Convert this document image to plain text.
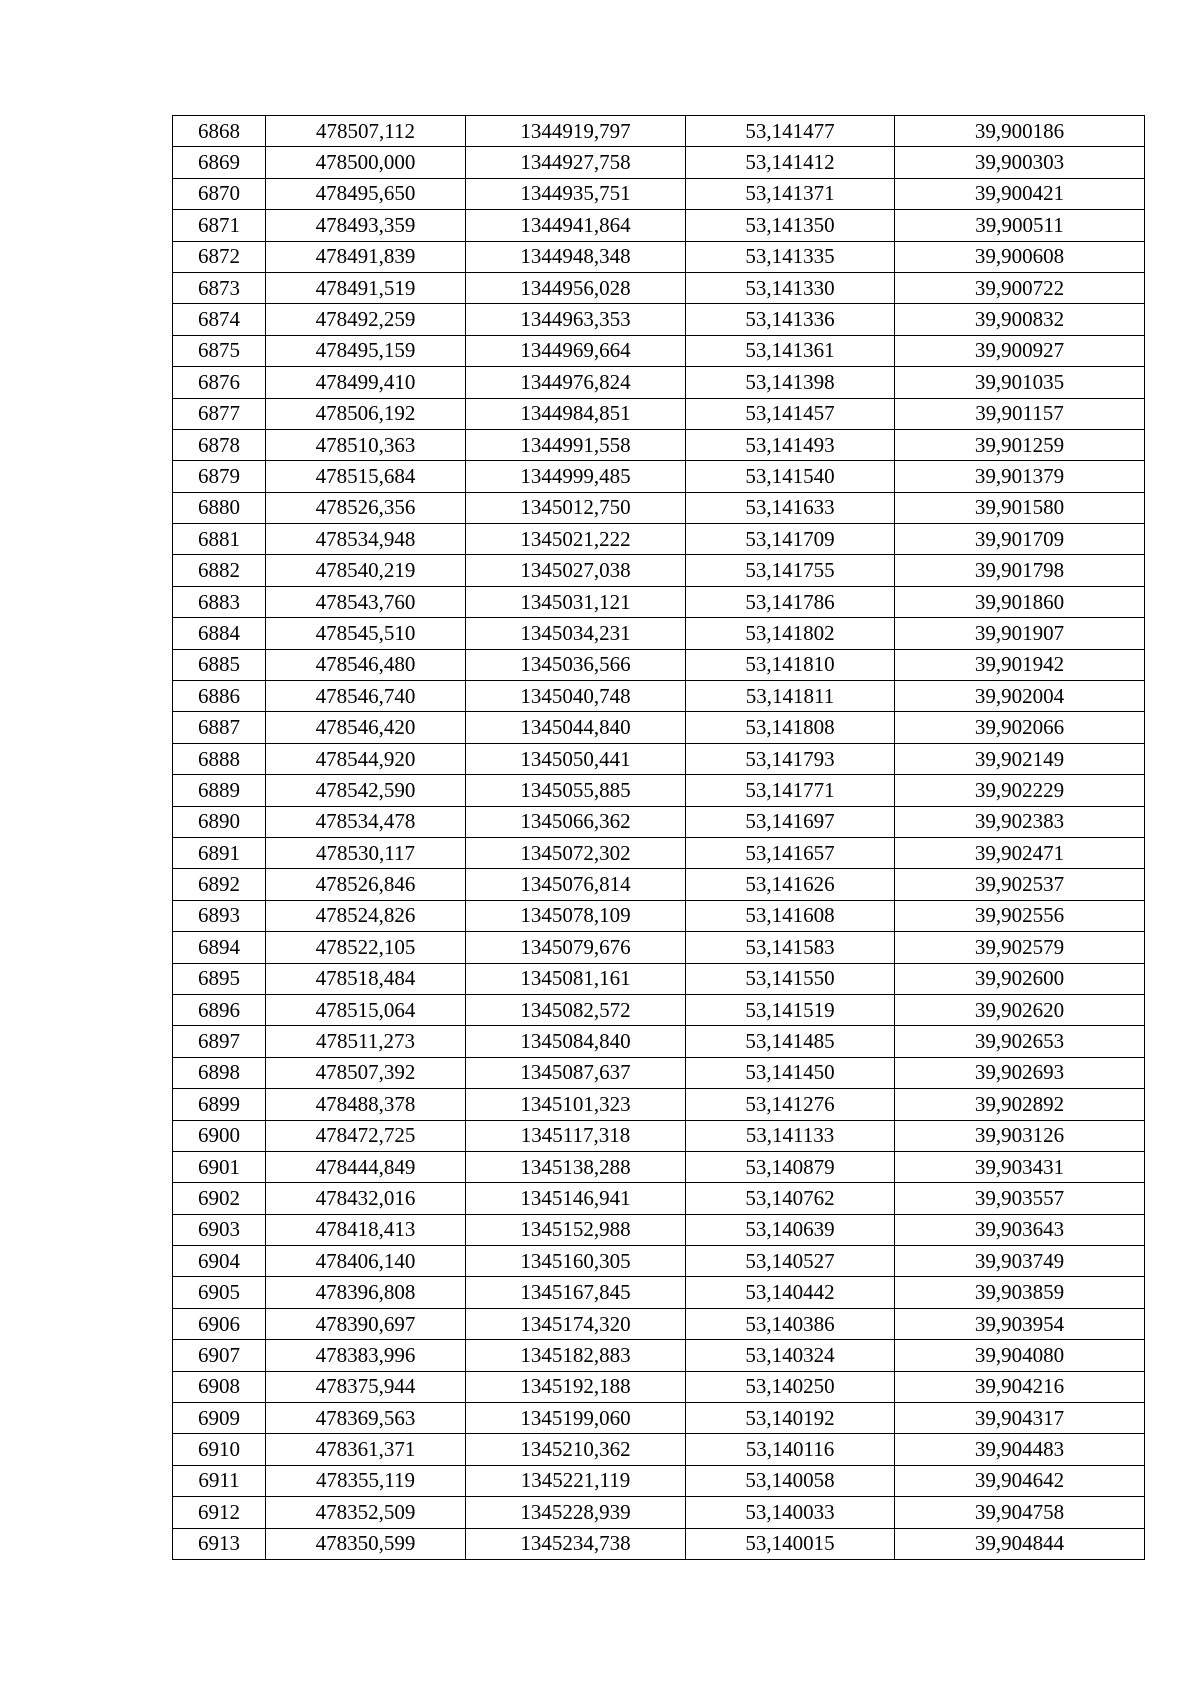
6868	478507,112	1344919,797	53,141477	39,900186
6869	478500,000	1344927,758	53,141412	39,900303
6870	478495,650	1344935,751	53,141371	39,900421
6871	478493,359	1344941,864	53,141350	39,900511
6872	478491,839	1344948,348	53,141335	39,900608
6873	478491,519	1344956,028	53,141330	39,900722
6874	478492,259	1344963,353	53,141336	39,900832
6875	478495,159	1344969,664	53,141361	39,900927
6876	478499,410	1344976,824	53,141398	39,901035
6877	478506,192	1344984,851	53,141457	39,901157
6878	478510,363	1344991,558	53,141493	39,901259
6879	478515,684	1344999,485	53,141540	39,901379
6880	478526,356	1345012,750	53,141633	39,901580
6881	478534,948	1345021,222	53,141709	39,901709
6882	478540,219	1345027,038	53,141755	39,901798
6883	478543,760	1345031,121	53,141786	39,901860
6884	478545,510	1345034,231	53,141802	39,901907
6885	478546,480	1345036,566	53,141810	39,901942
6886	478546,740	1345040,748	53,141811	39,902004
6887	478546,420	1345044,840	53,141808	39,902066
6888	478544,920	1345050,441	53,141793	39,902149
6889	478542,590	1345055,885	53,141771	39,902229
6890	478534,478	1345066,362	53,141697	39,902383
6891	478530,117	1345072,302	53,141657	39,902471
6892	478526,846	1345076,814	53,141626	39,902537
6893	478524,826	1345078,109	53,141608	39,902556
6894	478522,105	1345079,676	53,141583	39,902579
6895	478518,484	1345081,161	53,141550	39,902600
6896	478515,064	1345082,572	53,141519	39,902620
6897	478511,273	1345084,840	53,141485	39,902653
6898	478507,392	1345087,637	53,141450	39,902693
6899	478488,378	1345101,323	53,141276	39,902892
6900	478472,725	1345117,318	53,141133	39,903126
6901	478444,849	1345138,288	53,140879	39,903431
6902	478432,016	1345146,941	53,140762	39,903557
6903	478418,413	1345152,988	53,140639	39,903643
6904	478406,140	1345160,305	53,140527	39,903749
6905	478396,808	1345167,845	53,140442	39,903859
6906	478390,697	1345174,320	53,140386	39,903954
6907	478383,996	1345182,883	53,140324	39,904080
6908	478375,944	1345192,188	53,140250	39,904216
6909	478369,563	1345199,060	53,140192	39,904317
6910	478361,371	1345210,362	53,140116	39,904483
6911	478355,119	1345221,119	53,140058	39,904642
6912	478352,509	1345228,939	53,140033	39,904758
6913	478350,599	1345234,738	53,140015	39,904844
